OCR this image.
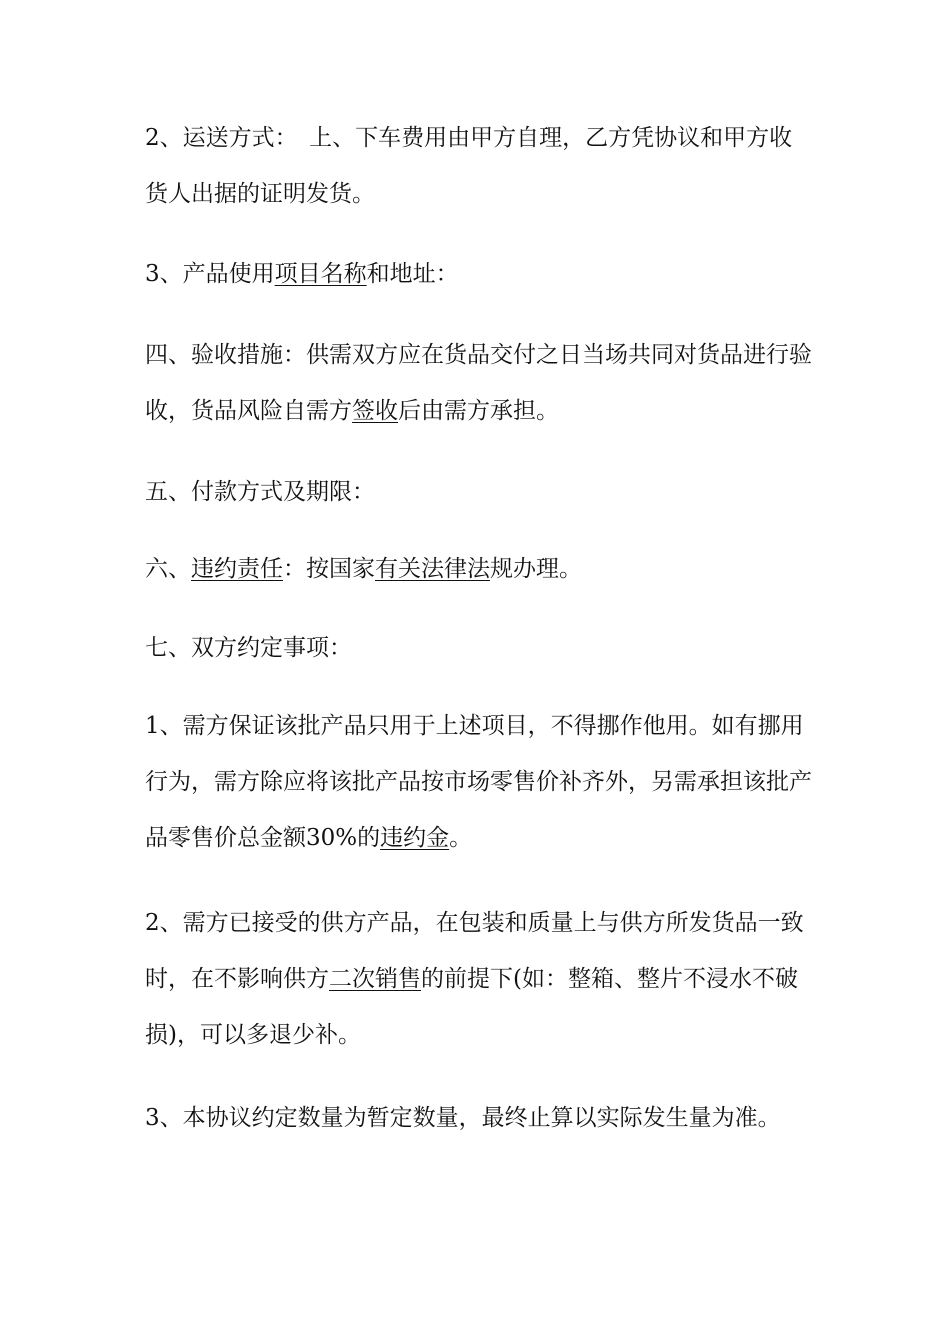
2、运送方式：　上、下车费用由甲方自理，乙方凭协议和甲方收货人出据的证明发货。

3、产品使用项目名称和地址：

四、验收措施：供需双方应在货品交付之日当场共同对货品进行验收，货品风险自需方签收后由需方承担。

五、付款方式及期限：

六、违约责任：按国家有关法律法规办理。

七、双方约定事项：

1、需方保证该批产品只用于上述项目，不得挪作他用。如有挪用行为，需方除应将该批产品按市场零售价补齐外，另需承担该批产品零售价总金额30%的违约金。

2、需方已接受的供方产品，在包装和质量上与供方所发货品一致时，在不影响供方二次销售的前提下(如：整箱、整片不浸水不破损)，可以多退少补。

3、本协议约定数量为暂定数量，最终止算以实际发生量为准。
